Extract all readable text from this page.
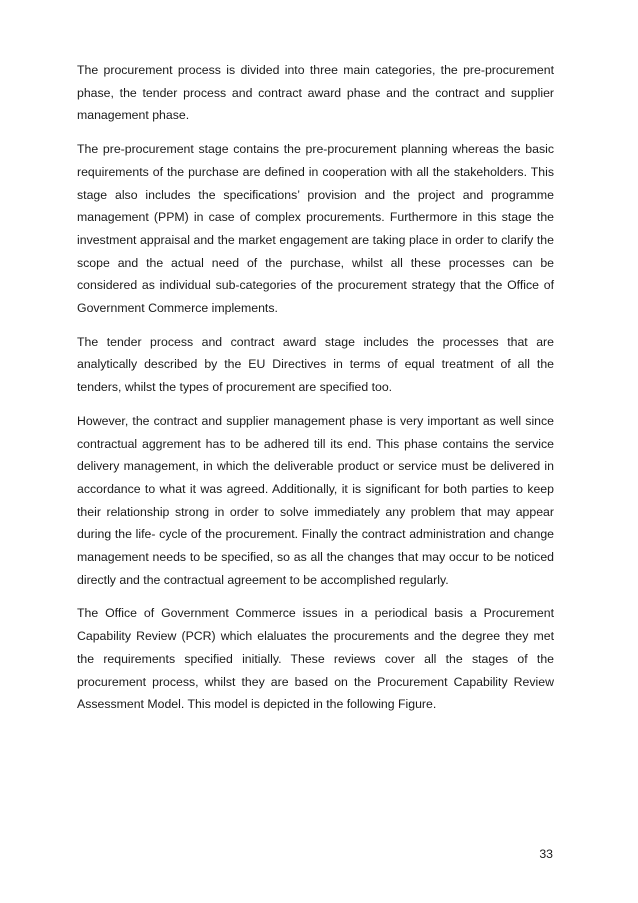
The procurement process is divided into three main categories, the pre-procurement phase, the tender process and contract award phase and the contract and supplier management phase.

The pre-procurement stage contains the pre-procurement planning whereas the basic requirements of the purchase are defined in cooperation with all the stakeholders. This stage also includes the specifications’ provision and the project and programme management (PPM) in case of complex procurements. Furthermore in this stage the investment appraisal and the market engagement are taking place in order to clarify the scope and the actual need of the purchase, whilst all these processes can be considered as individual sub-categories of the procurement strategy that the Office of Government Commerce implements.

The tender process and contract award stage includes the processes that are analytically described by the EU Directives in terms of equal treatment of all the tenders, whilst the types of procurement are specified too.

However, the contract and supplier management phase is very important as well since contractual aggrement has to be adhered till its end. This phase contains the service delivery management, in which the deliverable product or service must be delivered in accordance to what it was agreed. Additionally, it is significant for both parties to keep their relationship strong in order to solve immediately any problem that may appear during the life- cycle of the procurement. Finally the contract administration and change management needs to be specified, so as all the changes that may occur to be noticed directly and the contractual agreement to be accomplished regularly.

The Office of Government Commerce issues in a periodical basis a Procurement Capability Review (PCR) which elaluates the procurements and the degree they met the requirements specified initially. These reviews cover all the stages of the procurement process, whilst they are based on the Procurement Capability Review Assessment Model. This model is depicted in the following Figure.

33
